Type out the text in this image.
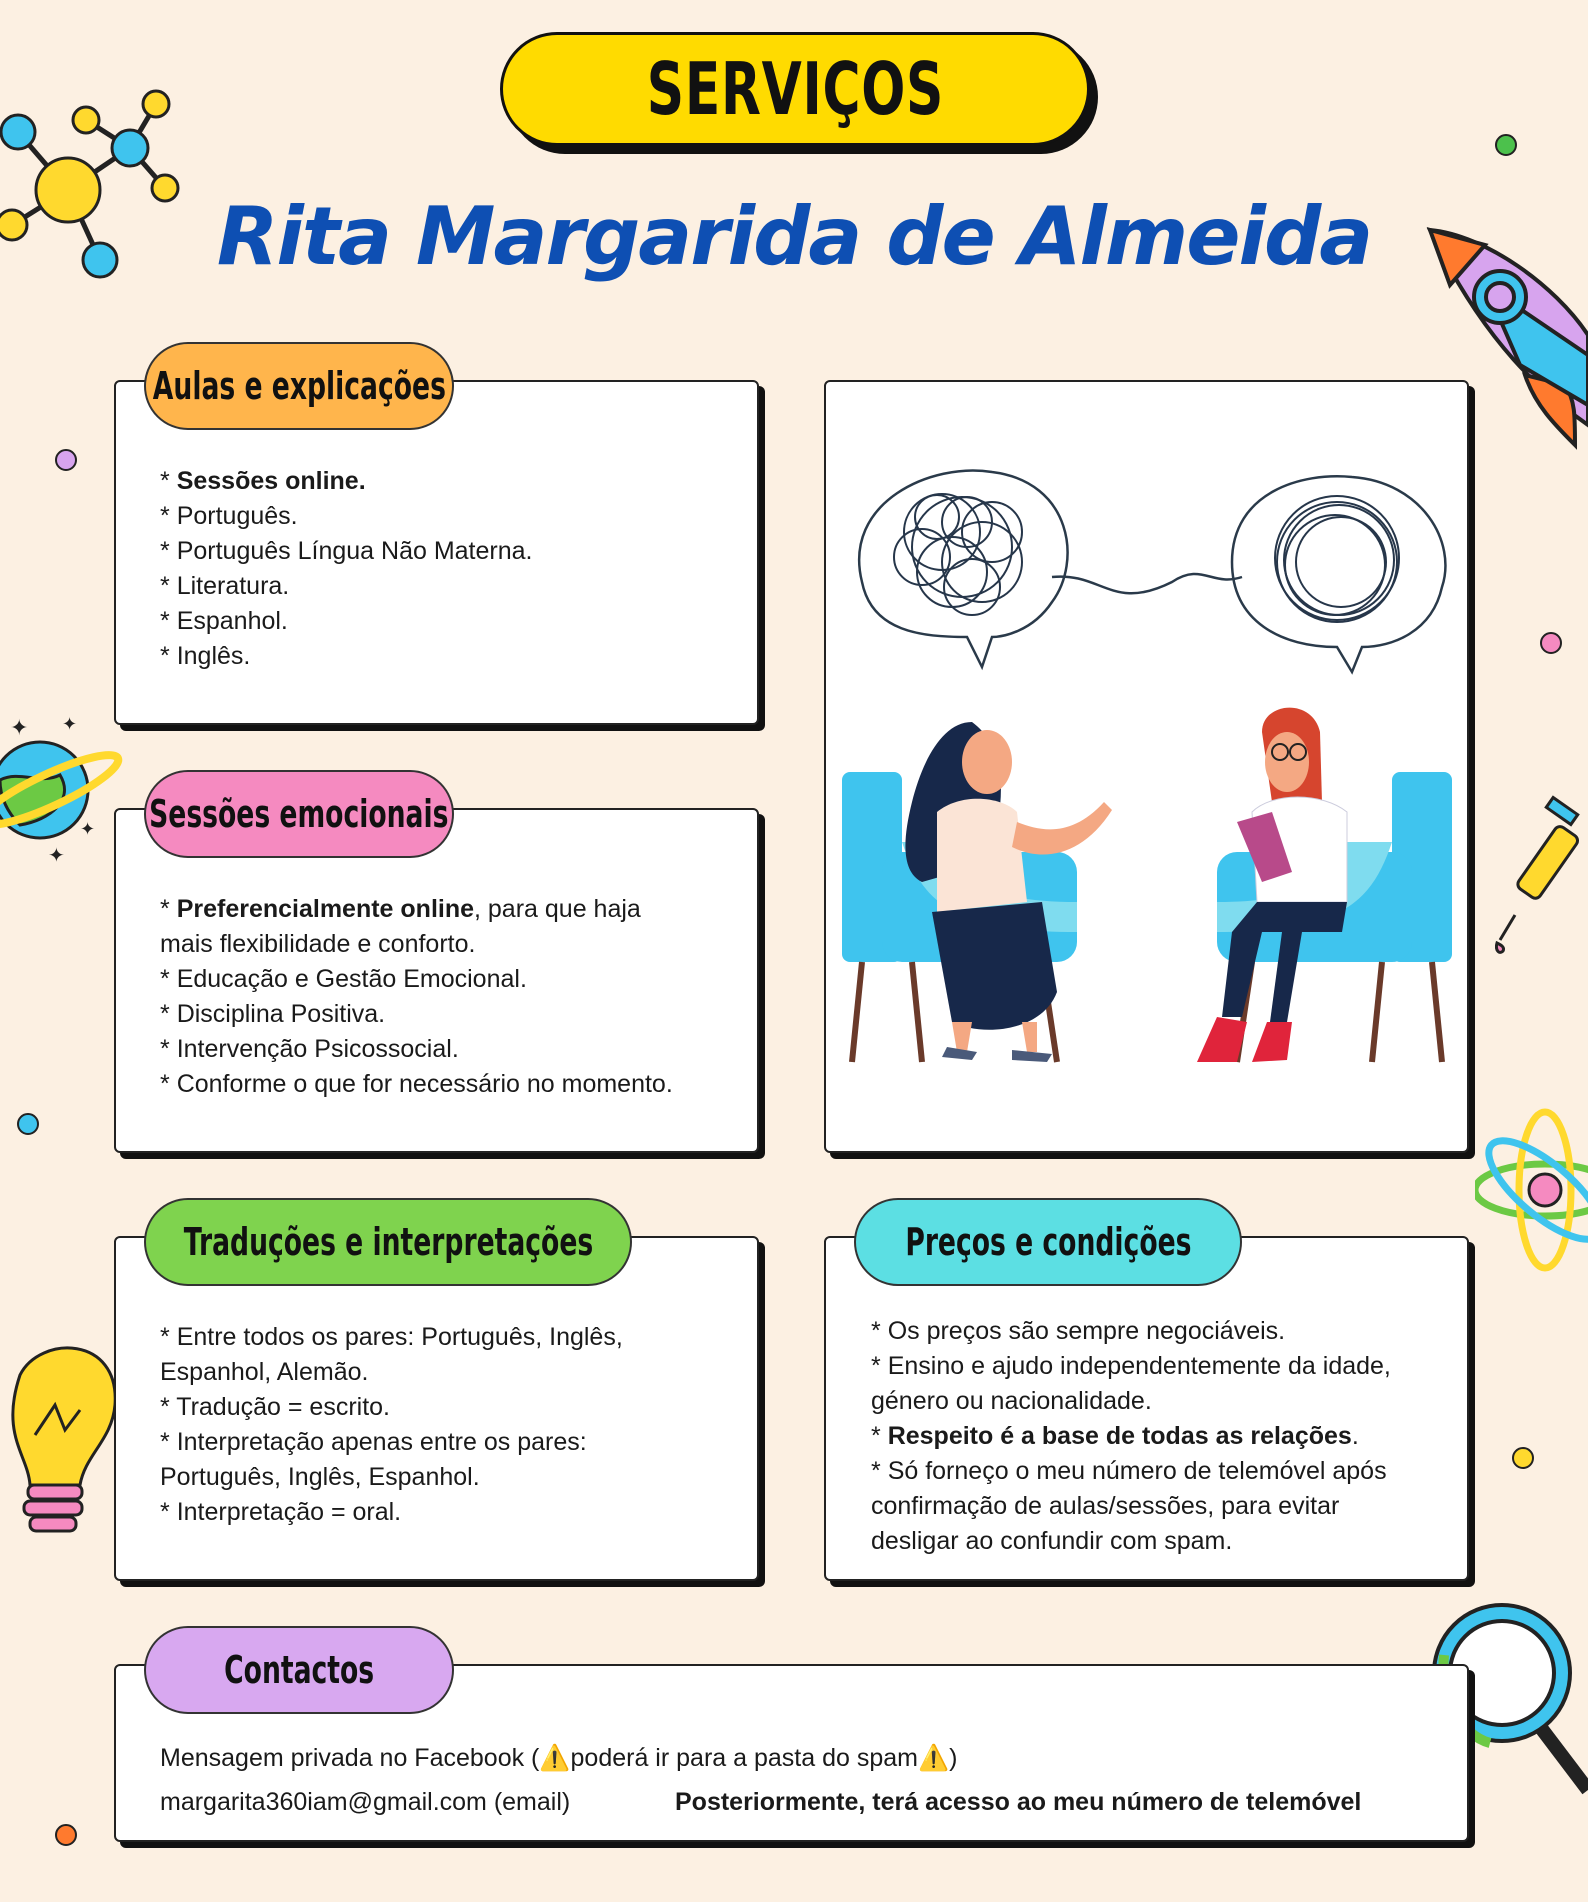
✦ ✦
✦
✦
SERVIÇOS
Rita Margarida de Almeida
* Sessões online.
* Português.
* Português Língua Não Materna.
* Literatura.
* Espanhol.
* Inglês.
Aulas e explicações
* Preferencialmente online, para que haja
mais flexibilidade e conforto.
* Educação e Gestão Emocional.
* Disciplina Positiva.
* Intervenção Psicossocial.
* Conforme o que for necessário no momento.
Sessões emocionais
* Entre todos os pares: Português, Inglês,
Espanhol, Alemão.
* Tradução = escrito.
* Interpretação apenas entre os pares:
Português, Inglês, Espanhol.
* Interpretação = oral.
Traduções e interpretações
* Os preços são sempre negociáveis.
* Ensino e ajudo independentemente da idade,
género ou nacionalidade.
* Respeito é a base de todas as relações.
* Só forneço o meu número de telemóvel após
confirmação de aulas/sessões, para evitar
desligar ao confundir com spam.
Preços e condições
Mensagem privada no Facebook (⚠️poderá ir para a pasta do spam⚠️)
margarita360iam@gmail.com (email)	Posteriormente, terá acesso ao meu número de telemóvel
Contactos
